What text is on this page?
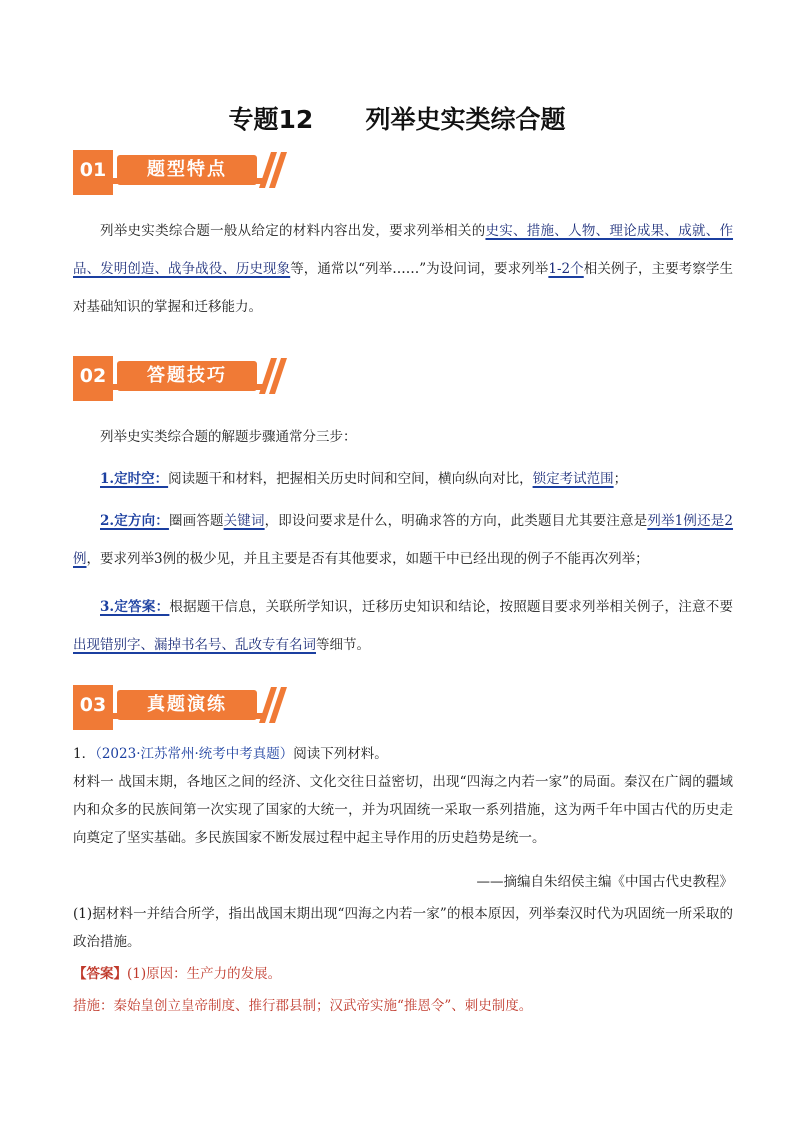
专题12      列举史实类综合题
题型特点
01
列举史实类综合题一般从给定的材料内容出发，要求列举相关的史实、措施、人物、理论成果、成就、作品、发明创造、战争战役、历史现象等，通常以“列举……”为设问词，要求列举1-2个相关例子，主要考察学生对基础知识的掌握和迁移能力。
答题技巧
02
列举史实类综合题的解题步骤通常分三步：
1.定时空：阅读题干和材料，把握相关历史时间和空间，横向纵向对比，锁定考试范围；
2.定方向：圈画答题关键词，即设问要求是什么，明确求答的方向，此类题目尤其要注意是列举1例还是2例，要求列举3例的极少见，并且主要是否有其他要求，如题干中已经出现的例子不能再次列举；
3.定答案：根据题干信息，关联所学知识，迁移历史知识和结论，按照题目要求列举相关例子，注意不要出现错别字、漏掉书名号、乱改专有名词等细节。
真题演练
03
1．（2023·江苏常州·统考中考真题）阅读下列材料。
材料一 战国末期，各地区之间的经济、文化交往日益密切，出现“四海之内若一家”的局面。秦汉在广阔的疆域内和众多的民族间第一次实现了国家的大统一，并为巩固统一采取一系列措施，这为两千年中国古代的历史走向奠定了坚实基础。多民族国家不断发展过程中起主导作用的历史趋势是统一。
——摘编自朱绍侯主编《中国古代史教程》
(1)据材料一并结合所学，指出战国末期出现“四海之内若一家”的根本原因，列举秦汉时代为巩固统一所采取的政治措施。
【答案】(1)原因：生产力的发展。
措施：秦始皇创立皇帝制度、推行郡县制；汉武帝实施“推恩令”、刺史制度。
